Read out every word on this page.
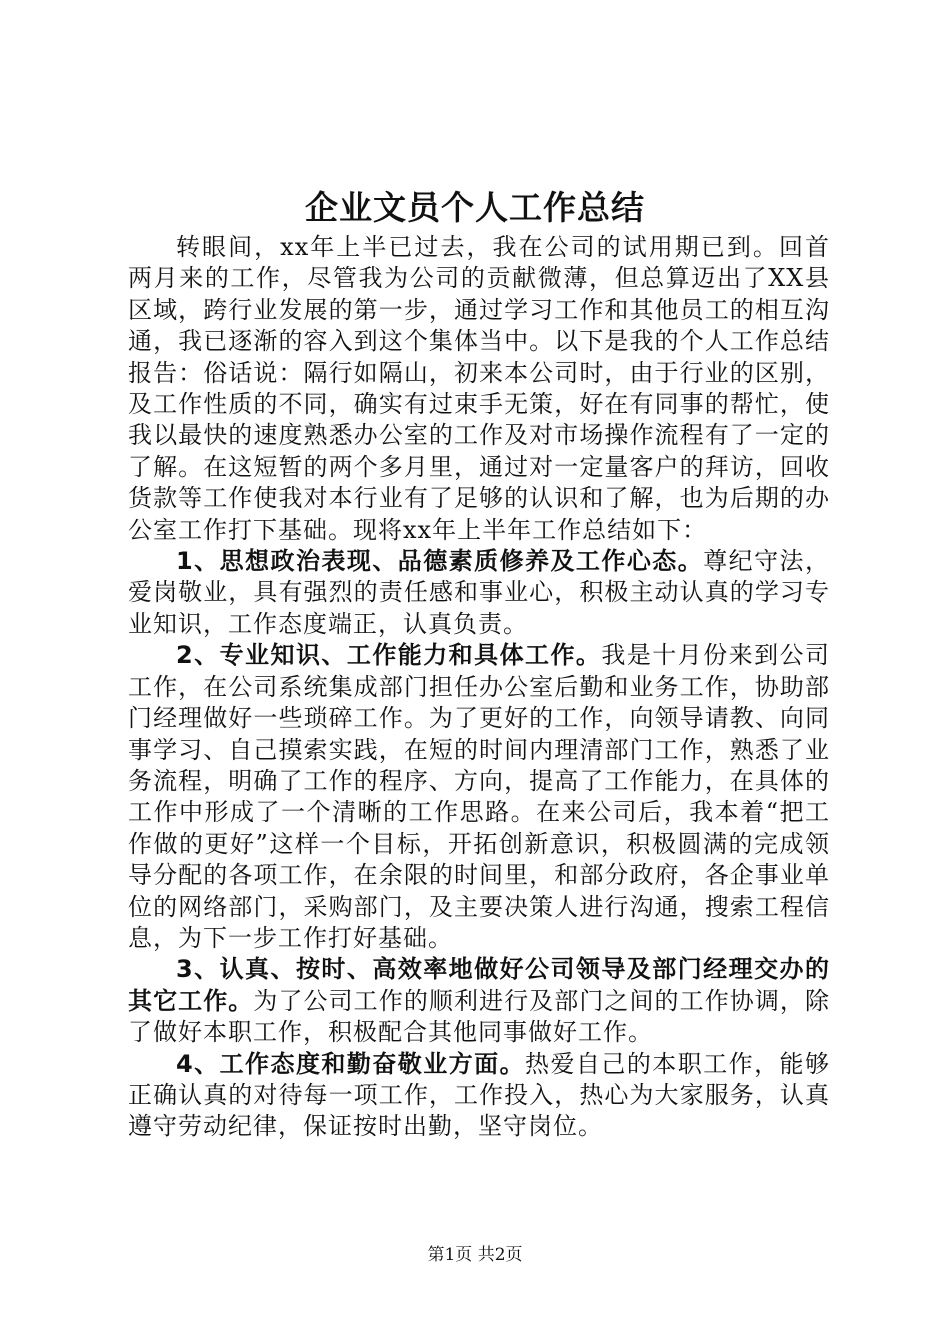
企业文员个人工作总结

转眼间，xx年上半已过去，我在公司的试用期已到。回首两月来的工作，尽管我为公司的贡献微薄，但总算迈出了XX县区域，跨行业发展的第一步，通过学习工作和其他员工的相互沟通，我已逐渐的容入到这个集体当中。以下是我的个人工作总结报告：俗话说：隔行如隔山，初来本公司时，由于行业的区别，及工作性质的不同，确实有过束手无策，好在有同事的帮忙，使我以最快的速度熟悉办公室的工作及对市场操作流程有了一定的了解。在这短暂的两个多月里，通过对一定量客户的拜访，回收货款等工作使我对本行业有了足够的认识和了解，也为后期的办公室工作打下基础。现将xx年上半年工作总结如下：

1、思想政治表现、品德素质修养及工作心态。尊纪守法，爱岗敬业，具有强烈的责任感和事业心，积极主动认真的学习专业知识，工作态度端正，认真负责。

2、专业知识、工作能力和具体工作。我是十月份来到公司工作，在公司系统集成部门担任办公室后勤和业务工作，协助部门经理做好一些琐碎工作。为了更好的工作，向领导请教、向同事学习、自己摸索实践，在短的时间内理清部门工作，熟悉了业务流程，明确了工作的程序、方向，提高了工作能力，在具体的工作中形成了一个清晰的工作思路。在来公司后，我本着“把工作做的更好”这样一个目标，开拓创新意识，积极圆满的完成领导分配的各项工作，在余限的时间里，和部分政府，各企事业单位的网络部门，采购部门，及主要决策人进行沟通，搜索工程信息，为下一步工作打好基础。

3、认真、按时、高效率地做好公司领导及部门经理交办的其它工作。为了公司工作的顺利进行及部门之间的工作协调，除了做好本职工作，积极配合其他同事做好工作。

4、工作态度和勤奋敬业方面。热爱自己的本职工作，能够正确认真的对待每一项工作，工作投入，热心为大家服务，认真遵守劳动纪律，保证按时出勤，坚守岗位。

第1页 共2页
